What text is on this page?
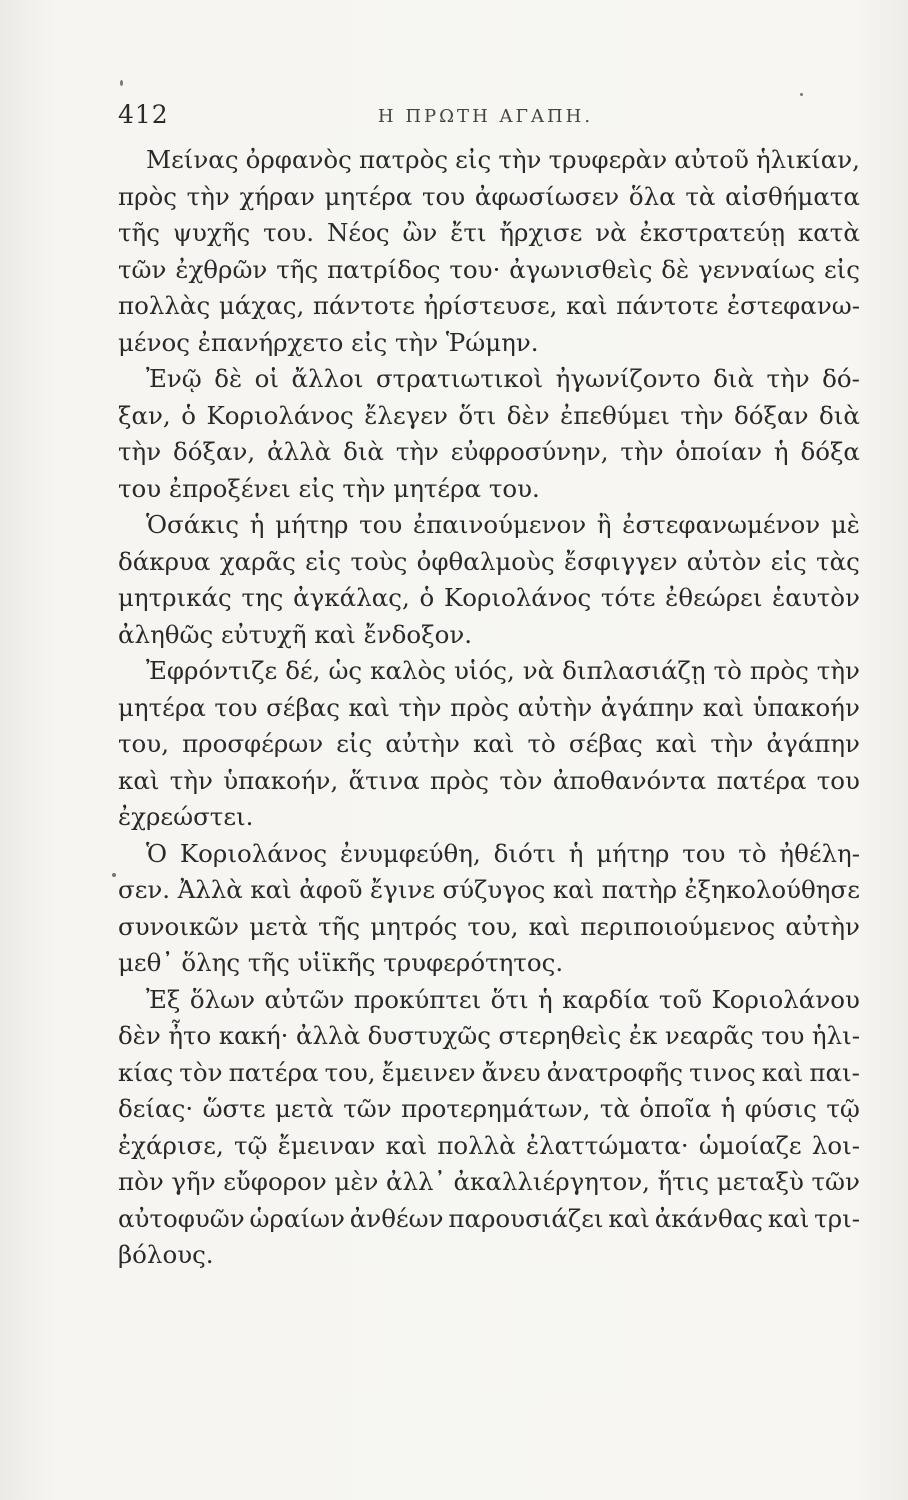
412	Η ΠΡΩΤΗ ΑΓΑΠΗ.
Μείνας ὀρφανὸς πατρὸς εἰς τὴν τρυφερὰν αὐτοῦ ἡλικίαν,
πρὸς τὴν χήραν μητέρα του ἀφωσίωσεν ὅλα τὰ αἰσθήματα
τῆς ψυχῆς του. Νέος ὢν ἔτι ἤρχισε νὰ ἐκστρατεύῃ κατὰ
τῶν ἐχθρῶν τῆς πατρίδος του· ἀγωνισθεὶς δὲ γενναίως εἰς
πολλὰς μάχας, πάντοτε ἠρίστευσε, καὶ πάντοτε ἐστεφανω-
μένος ἐπανήρχετο εἰς τὴν Ῥώμην.
Ἐνῷ δὲ οἱ ἄλλοι στρατιωτικοὶ ἠγωνίζοντο διὰ τὴν δό-
ξαν, ὁ Κοριολάνος ἔλεγεν ὅτι δὲν ἐπεθύμει τὴν δόξαν διὰ
τὴν δόξαν, ἀλλὰ διὰ τὴν εὐφροσύνην, τὴν ὁποίαν ἡ δόξα
του ἐπροξένει εἰς τὴν μητέρα του.
Ὁσάκις ἡ μήτηρ του ἐπαινούμενον ἢ ἐστεφανωμένον μὲ
δάκρυα χαρᾶς εἰς τοὺς ὀφθαλμοὺς ἔσφιγγεν αὐτὸν εἰς τὰς
μητρικάς της ἀγκάλας, ὁ Κοριολάνος τότε ἐθεώρει ἑαυτὸν
ἀληθῶς εὐτυχῆ καὶ ἔνδοξον.
Ἐφρόντιζε δέ, ὡς καλὸς υἱός, νὰ διπλασιάζῃ τὸ πρὸς τὴν
μητέρα του σέβας καὶ τὴν πρὸς αὐτὴν ἀγάπην καὶ ὑπακοήν
του, προσφέρων εἰς αὐτὴν καὶ τὸ σέβας καὶ τὴν ἀγάπην
καὶ τὴν ὑπακοήν, ἅτινα πρὸς τὸν ἀποθανόντα πατέρα του
ἐχρεώστει.
Ὁ Κοριολάνος ἐνυμφεύθη, διότι ἡ μήτηρ του τὸ ἠθέλη-
σεν. Ἀλλὰ καὶ ἀφοῦ ἔγινε σύζυγος καὶ πατὴρ ἐξηκολούθησε
συνοικῶν μετὰ τῆς μητρός του, καὶ περιποιούμενος αὐτὴν
μεθ᾽ ὅλης τῆς υἱϊκῆς τρυφερότητος.
Ἐξ ὅλων αὐτῶν προκύπτει ὅτι ἡ καρδία τοῦ Κοριολάνου
δὲν ἦτο κακή· ἀλλὰ δυστυχῶς στερηθεὶς ἐκ νεαρᾶς του ἡλι-
κίας τὸν πατέρα του, ἔμεινεν ἄνευ ἀνατροφῆς τινος καὶ παι-
δείας· ὥστε μετὰ τῶν προτερημάτων, τὰ ὁποῖα ἡ φύσις τῷ
ἐχάρισε, τῷ ἔμειναν καὶ πολλὰ ἐλαττώματα· ὡμοίαζε λοι-
πὸν γῆν εὔφορον μὲν ἀλλ᾽ ἀκαλλιέργητον, ἥτις μεταξὺ τῶν
αὐτοφυῶν ὡραίων ἀνθέων παρουσιάζει καὶ ἀκάνθας καὶ τρι-
βόλους.
